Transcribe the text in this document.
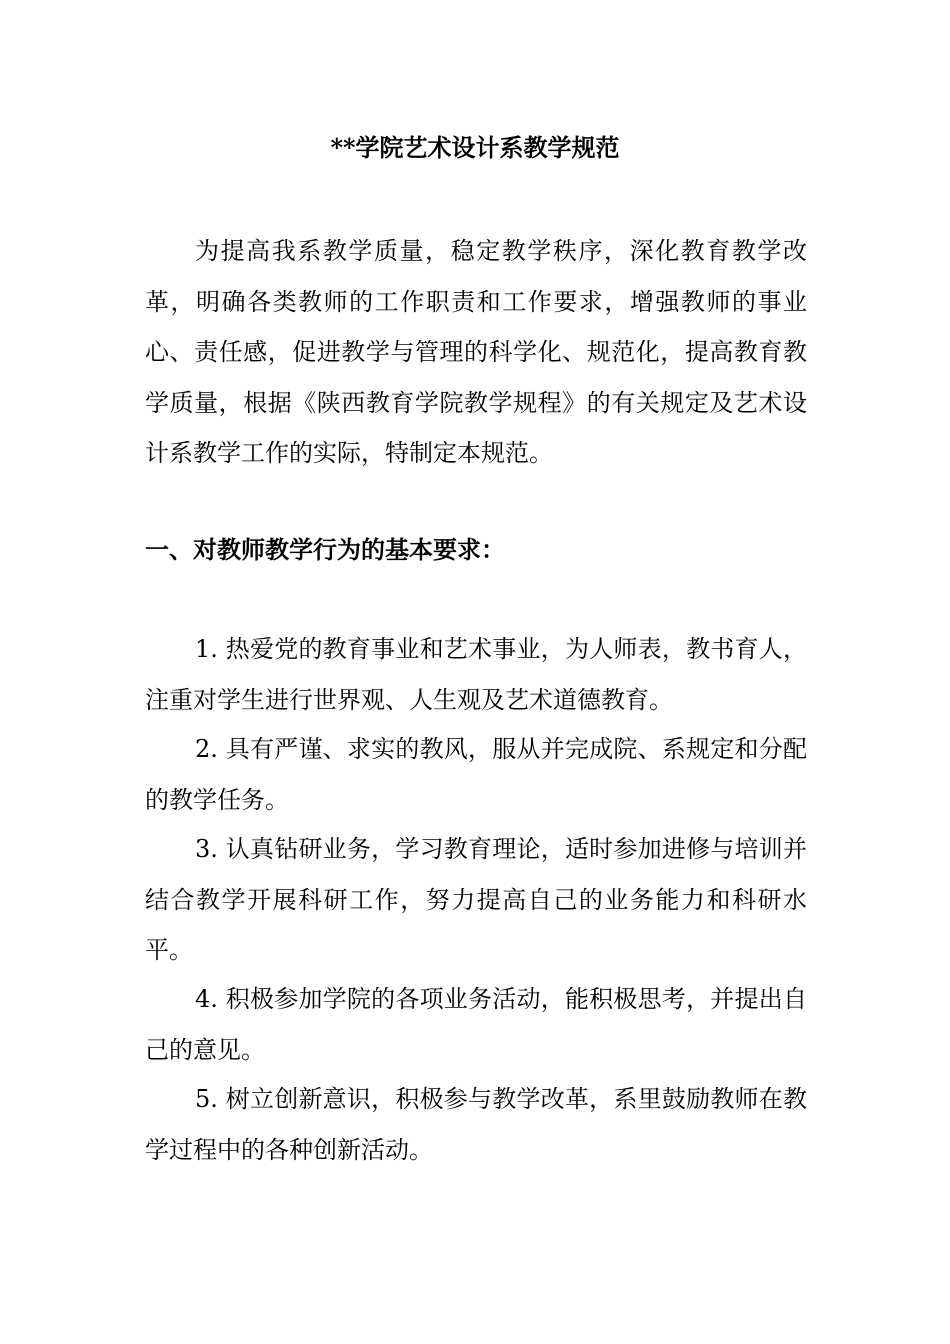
**学院艺术设计系教学规范

为提高我系教学质量，稳定教学秩序，深化教育教学改革，明确各类教师的工作职责和工作要求，增强教师的事业心、责任感，促进教学与管理的科学化、规范化，提高教育教学质量，根据《陕西教育学院教学规程》的有关规定及艺术设计系教学工作的实际，特制定本规范。

一、对教师教学行为的基本要求：

1. 热爱党的教育事业和艺术事业，为人师表，教书育人，注重对学生进行世界观、人生观及艺术道德教育。

2. 具有严谨、求实的教风，服从并完成院、系规定和分配的教学任务。

3. 认真钻研业务，学习教育理论，适时参加进修与培训并结合教学开展科研工作，努力提高自己的业务能力和科研水平。

4. 积极参加学院的各项业务活动，能积极思考，并提出自己的意见。

5. 树立创新意识，积极参与教学改革，系里鼓励教师在教学过程中的各种创新活动。
